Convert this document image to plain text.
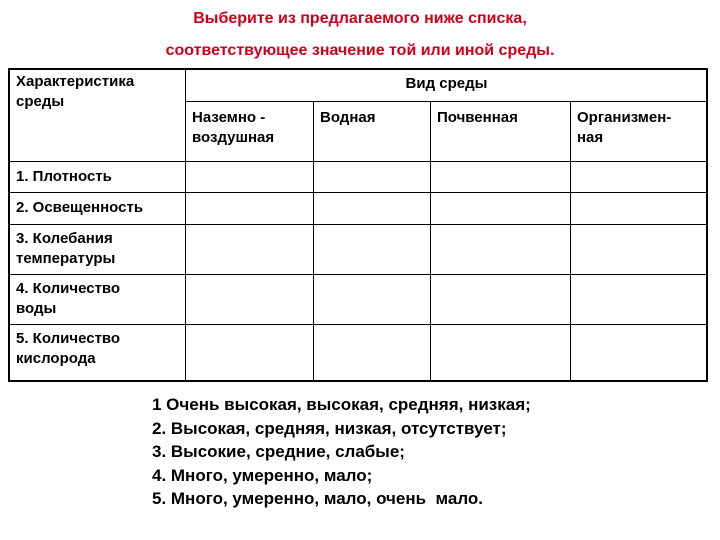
Выберите из предлагаемого ниже списка,
соответствующее значение той или иной среды.
Характеристика среды
Вид среды
Наземно - воздушная
Водная	Почвенная	Организмен-ная
1. Плотность
2. Освещенность
3. Колебания температуры
4. Количество воды
5. Количество кислорода
1 Очень высокая, высокая, средняя, низкая;
2. Высокая, средняя, низкая, отсутствует;
3. Высокие, средние, слабые;
4. Много, умеренно, мало;
5. Много, умеренно, мало, очень  мало.
